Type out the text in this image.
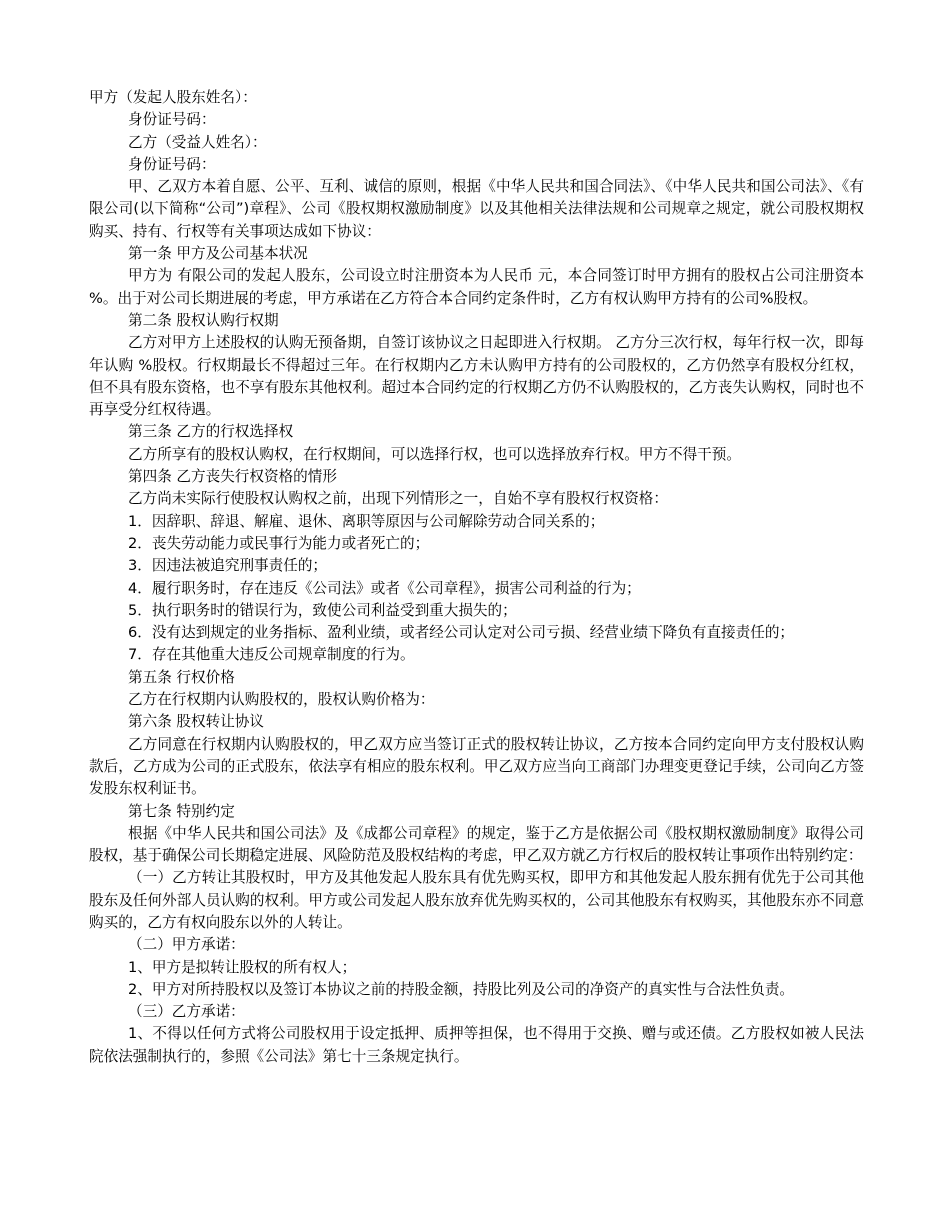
甲方（发起人股东姓名）：

身份证号码：

乙方（受益人姓名）：

身份证号码：

甲、乙双方本着自愿、公平、互利、诚信的原则，根据《中华人民共和国合同法》、《中华人民共和国公司法》、《有限公司(以下简称“公司”)章程》、公司《股权期权激励制度》以及其他相关法律法规和公司规章之规定，就公司股权期权购买、持有、行权等有关事项达成如下协议：

第一条 甲方及公司基本状况

甲方为 有限公司的发起人股东，公司设立时注册资本为人民币 元，本合同签订时甲方拥有的股权占公司注册资本 %。出于对公司长期进展的考虑，甲方承诺在乙方符合本合同约定条件时，乙方有权认购甲方持有的公司%股权。

第二条 股权认购行权期

乙方对甲方上述股权的认购无预备期，自签订该协议之日起即进入行权期。 乙方分三次行权，每年行权一次，即每年认购 %股权。行权期最长不得超过三年。在行权期内乙方未认购甲方持有的公司股权的，乙方仍然享有股权分红权，但不具有股东资格，也不享有股东其他权利。超过本合同约定的行权期乙方仍不认购股权的，乙方丧失认购权，同时也不再享受分红权待遇。

第三条 乙方的行权选择权

乙方所享有的股权认购权，在行权期间，可以选择行权，也可以选择放弃行权。甲方不得干预。

第四条 乙方丧失行权资格的情形

乙方尚未实际行使股权认购权之前，出现下列情形之一，自始不享有股权行权资格：

1．因辞职、辞退、解雇、退休、离职等原因与公司解除劳动合同关系的；

2．丧失劳动能力或民事行为能力或者死亡的；

3．因违法被追究刑事责任的；

4．履行职务时，存在违反《公司法》或者《公司章程》，损害公司利益的行为；

5．执行职务时的错误行为，致使公司利益受到重大损失的；

6．没有达到规定的业务指标、盈利业绩，或者经公司认定对公司亏损、经营业绩下降负有直接责任的；

7．存在其他重大违反公司规章制度的行为。

第五条 行权价格

乙方在行权期内认购股权的，股权认购价格为：

第六条 股权转让协议

乙方同意在行权期内认购股权的，甲乙双方应当签订正式的股权转让协议，乙方按本合同约定向甲方支付股权认购款后，乙方成为公司的正式股东，依法享有相应的股东权利。甲乙双方应当向工商部门办理变更登记手续，公司向乙方签发股东权利证书。

第七条 特别约定

根据《中华人民共和国公司法》及《成都公司章程》的规定，鉴于乙方是依据公司《股权期权激励制度》取得公司股权，基于确保公司长期稳定进展、风险防范及股权结构的考虑，甲乙双方就乙方行权后的股权转让事项作出特别约定：

（一）乙方转让其股权时，甲方及其他发起人股东具有优先购买权，即甲方和其他发起人股东拥有优先于公司其他股东及任何外部人员认购的权利。甲方或公司发起人股东放弃优先购买权的，公司其他股东有权购买，其他股东亦不同意购买的，乙方有权向股东以外的人转让。

（二）甲方承诺：

1、甲方是拟转让股权的所有权人；

2、甲方对所持股权以及签订本协议之前的持股金额，持股比列及公司的净资产的真实性与合法性负责。

（三）乙方承诺：

1、不得以任何方式将公司股权用于设定抵押、质押等担保，也不得用于交换、赠与或还债。乙方股权如被人民法院依法强制执行的，参照《公司法》第七十三条规定执行。
